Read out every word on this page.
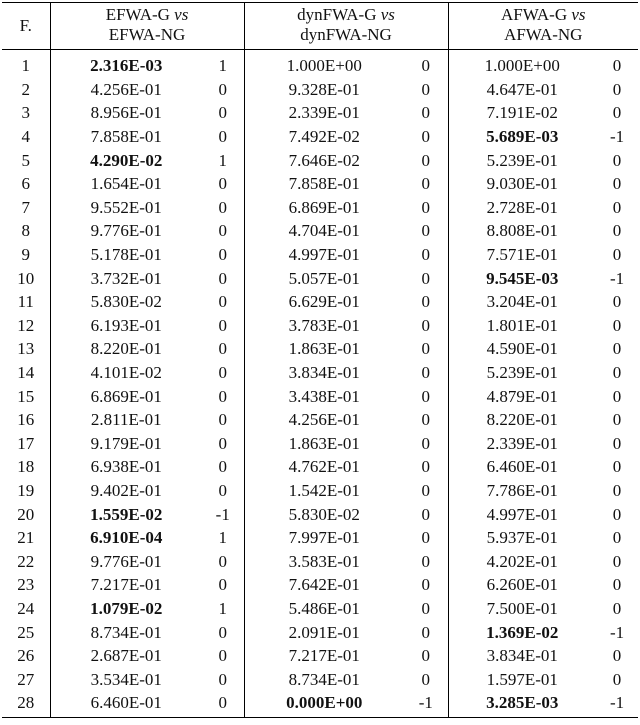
F.	EFWA-G vs		dynFWA-G vs		AFWA-G vs	
	EFWA-NG		dynFWA-NG		AFWA-NG	
1	2.316E-03	1	1.000E+00	0	1.000E+00	0
2	4.256E-01	0	9.328E-01	0	4.647E-01	0
3	8.956E-01	0	2.339E-01	0	7.191E-02	0
4	7.858E-01	0	7.492E-02	0	5.689E-03	-1
5	4.290E-02	1	7.646E-02	0	5.239E-01	0
6	1.654E-01	0	7.858E-01	0	9.030E-01	0
7	9.552E-01	0	6.869E-01	0	2.728E-01	0
8	9.776E-01	0	4.704E-01	0	8.808E-01	0
9	5.178E-01	0	4.997E-01	0	7.571E-01	0
10	3.732E-01	0	5.057E-01	0	9.545E-03	-1
11	5.830E-02	0	6.629E-01	0	3.204E-01	0
12	6.193E-01	0	3.783E-01	0	1.801E-01	0
13	8.220E-01	0	1.863E-01	0	4.590E-01	0
14	4.101E-02	0	3.834E-01	0	5.239E-01	0
15	6.869E-01	0	3.438E-01	0	4.879E-01	0
16	2.811E-01	0	4.256E-01	0	8.220E-01	0
17	9.179E-01	0	1.863E-01	0	2.339E-01	0
18	6.938E-01	0	4.762E-01	0	6.460E-01	0
19	9.402E-01	0	1.542E-01	0	7.786E-01	0
20	1.559E-02	-1	5.830E-02	0	4.997E-01	0
21	6.910E-04	1	7.997E-01	0	5.937E-01	0
22	9.776E-01	0	3.583E-01	0	4.202E-01	0
23	7.217E-01	0	7.642E-01	0	6.260E-01	0
24	1.079E-02	1	5.486E-01	0	7.500E-01	0
25	8.734E-01	0	2.091E-01	0	1.369E-02	-1
26	2.687E-01	0	7.217E-01	0	3.834E-01	0
27	3.534E-01	0	8.734E-01	0	1.597E-01	0
28	6.460E-01	0	0.000E+00	-1	3.285E-03	-1
